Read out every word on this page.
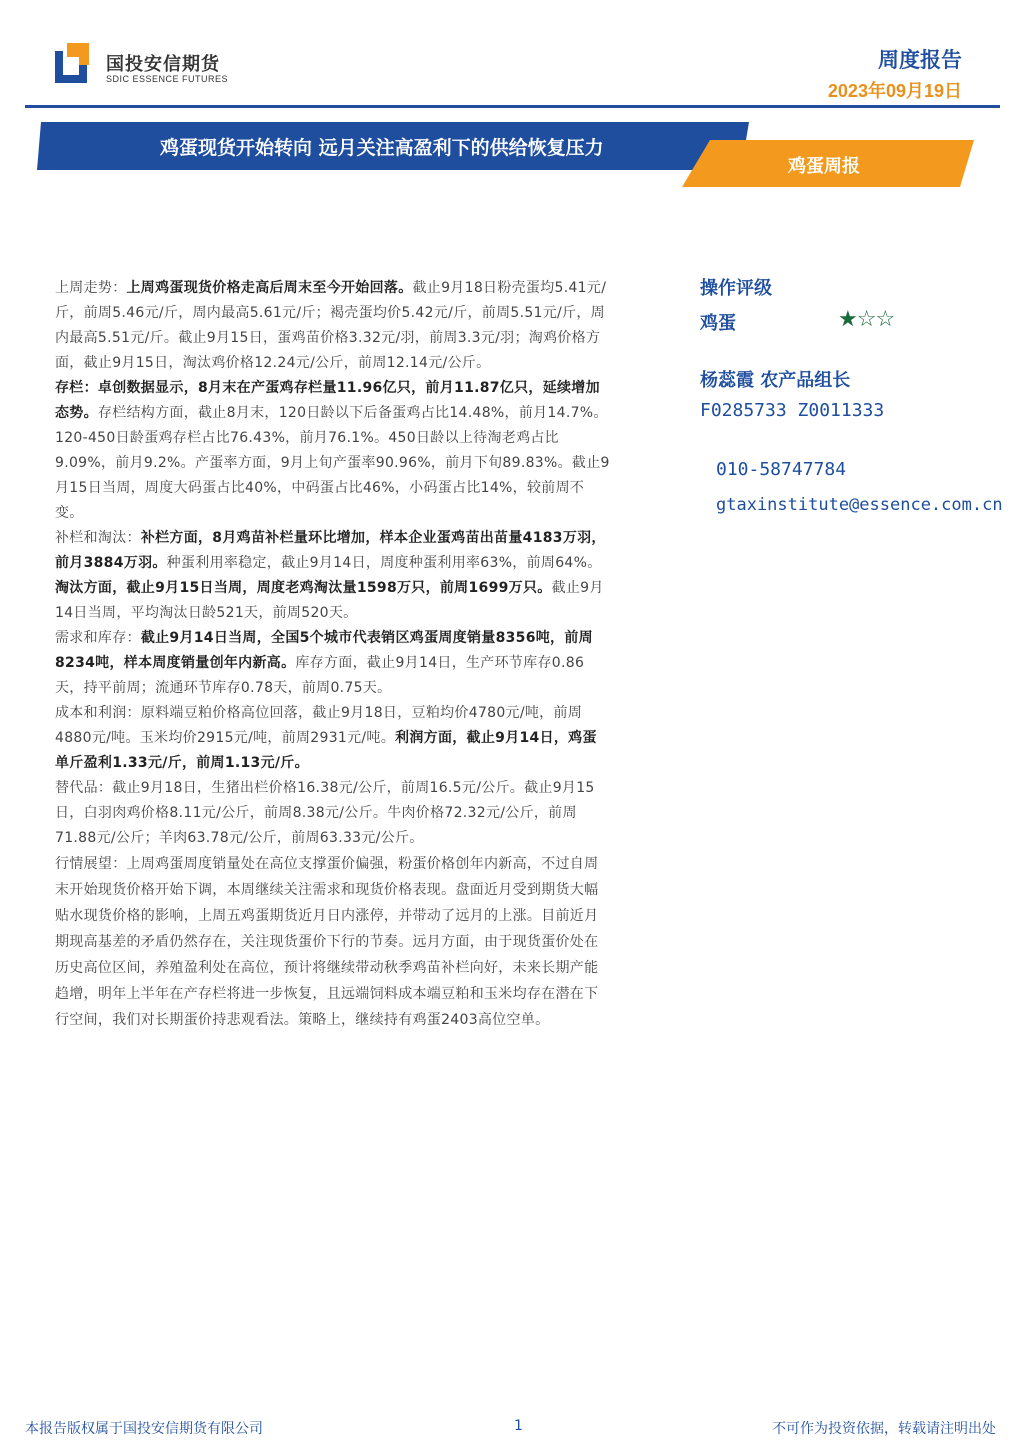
国投安信期货
SDIC ESSENCE FUTURES
周度报告
2023年09月19日
鸡蛋现货开始转向 远月关注高盈利下的供给恢复压力
鸡蛋周报

上周走势：上周鸡蛋现货价格走高后周末至今开始回落。截止9月18日粉壳蛋均5.41元/斤，前周5.46元/斤，周内最高5.61元/斤；褐壳蛋均价5.42元/斤，前周5.51元/斤，周内最高5.51元/斤。截止9月15日，蛋鸡苗价格3.32元/羽，前周3.3元/羽；淘鸡价格方面，截止9月15日，淘汰鸡价格12.24元/公斤，前周12.14元/公斤。

存栏：卓创数据显示，8月末在产蛋鸡存栏量11.96亿只，前月11.87亿只，延续增加态势。存栏结构方面，截止8月末，120日龄以下后备蛋鸡占比14.48%，前月14.7%。120-450日龄蛋鸡存栏占比76.43%，前月76.1%。450日龄以上待淘老鸡占比9.09%，前月9.2%。产蛋率方面，9月上旬产蛋率90.96%，前月下旬89.83%。截止9月15日当周，周度大码蛋占比40%，中码蛋占比46%，小码蛋占比14%，较前周不变。

补栏和淘汰：补栏方面，8月鸡苗补栏量环比增加，样本企业蛋鸡苗出苗量4183万羽，前月3884万羽。种蛋利用率稳定，截止9月14日，周度种蛋利用率63%，前周64%。淘汰方面，截止9月15日当周，周度老鸡淘汰量1598万只，前周1699万只。截止9月14日当周，平均淘汰日龄521天，前周520天。

需求和库存：截止9月14日当周，全国5个城市代表销区鸡蛋周度销量8356吨，前周8234吨，样本周度销量创年内新高。库存方面，截止9月14日，生产环节库存0.86天，持平前周；流通环节库存0.78天，前周0.75天。

成本和利润：原料端豆粕价格高位回落，截止9月18日，豆粕均价4780元/吨，前周4880元/吨。玉米均价2915元/吨，前周2931元/吨。利润方面，截止9月14日，鸡蛋单斤盈利1.33元/斤，前周1.13元/斤。

替代品：截止9月18日，生猪出栏价格16.38元/公斤，前周16.5元/公斤。截止9月15日，白羽肉鸡价格8.11元/公斤，前周8.38元/公斤。牛肉价格72.32元/公斤，前周71.88元/公斤；羊肉63.78元/公斤，前周63.33元/公斤。

行情展望：上周鸡蛋周度销量处在高位支撑蛋价偏强，粉蛋价格创年内新高，不过自周末开始现货价格开始下调，本周继续关注需求和现货价格表现。盘面近月受到期货大幅贴水现货价格的影响，上周五鸡蛋期货近月日内涨停，并带动了远月的上涨。目前近月期现高基差的矛盾仍然存在，关注现货蛋价下行的节奏。远月方面，由于现货蛋价处在历史高位区间，养殖盈利处在高位，预计将继续带动秋季鸡苗补栏向好，未来长期产能趋增，明年上半年在产存栏将进一步恢复，且远端饲料成本端豆粕和玉米均存在潜在下行空间，我们对长期蛋价持悲观看法。策略上，继续持有鸡蛋2403高位空单。

操作评级
鸡蛋	★☆☆
杨蕊霞 农产品组长
F0285733 Z0011333
010-58747784
gtaxinstitute@essence.com.cn
本报告版权属于国投安信期货有限公司	1	不可作为投资依据，转载请注明出处
